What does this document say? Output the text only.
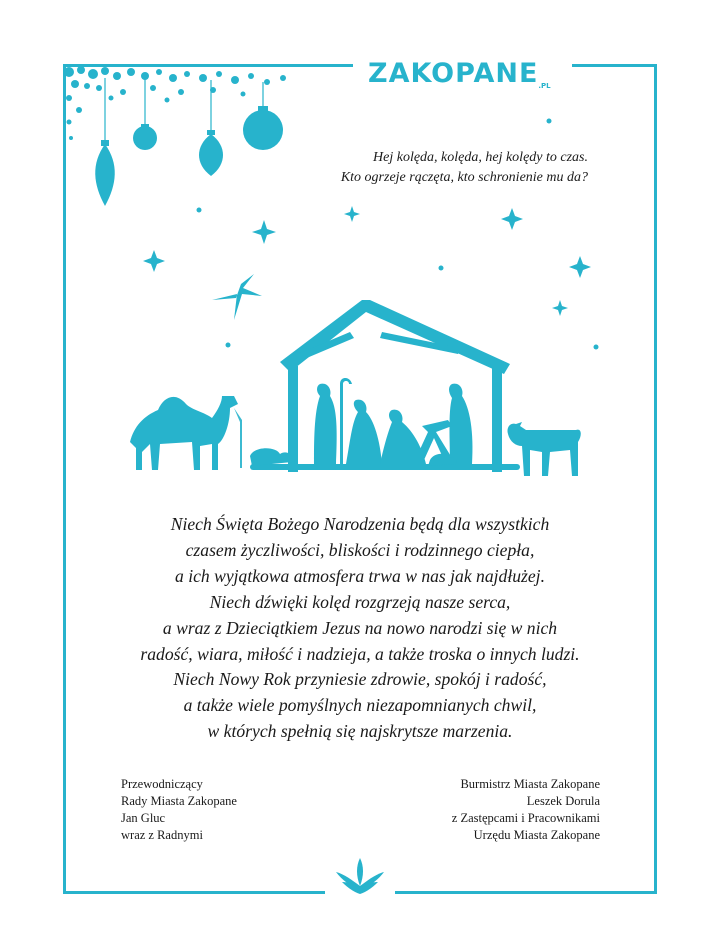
$ZAKOPANE^{.PL}$
Hej kolęda, kolęda, hej kolędy to czas.
Kto ogrzeje rączęta, kto schronienie mu da?
Niech Święta Bożego Narodzenia będą dla wszystkich
czasem życzliwości, bliskości i rodzinnego ciepła,
a ich wyjątkowa atmosfera trwa w nas jak najdłużej.
Niech dźwięki kolęd rozgrzeją nasze serca,
a wraz z Dzieciątkiem Jezus na nowo narodzi się w nich
radość, wiara, miłość i nadzieja, a także troska o innych ludzi.
Niech Nowy Rok przyniesie zdrowie, spokój i radość,
a także wiele pomyślnych niezapomnianych chwil,
w których spełnią się najskrytsze marzenia.
Przewodniczący
Rady Miasta Zakopane
Jan Gluc
wraz z Radnymi
Burmistrz Miasta Zakopane
Leszek Dorula
z Zastępcami i Pracownikami
Urzędu Miasta Zakopane
